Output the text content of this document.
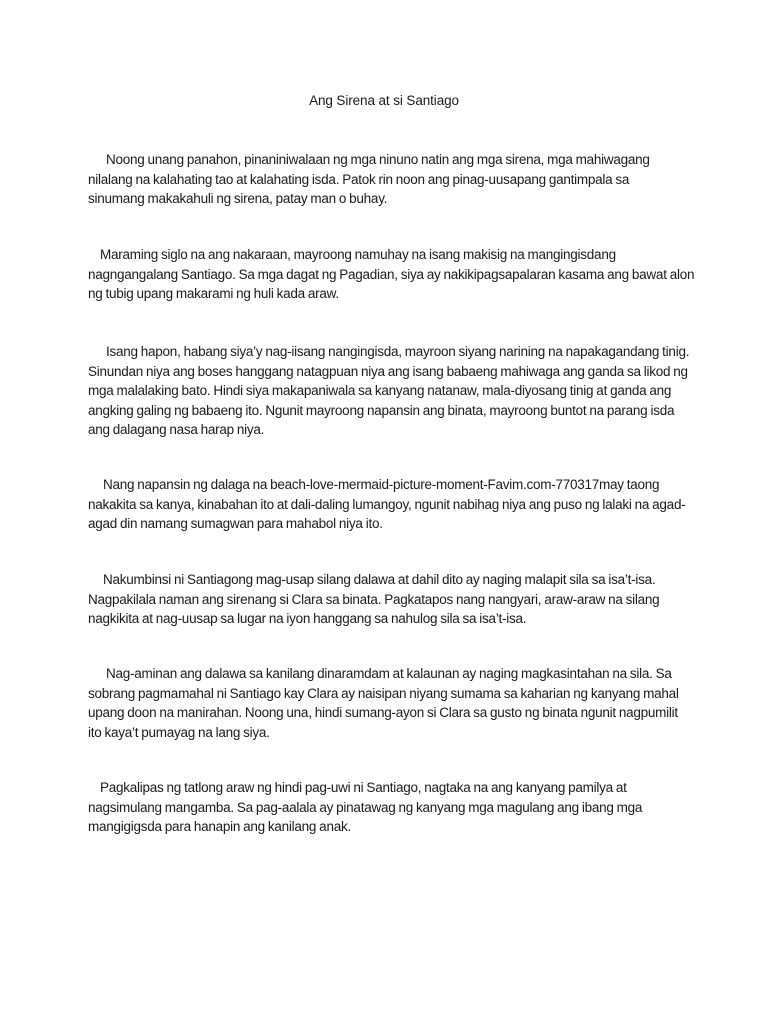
Ang Sirena at si Santiago

Noong unang panahon, pinaniniwalaan ng mga ninuno natin ang mga sirena, mga mahiwagang
nilalang na kalahating tao at kalahating isda. Patok rin noon ang pinag-uusapang gantimpala sa
sinumang makakahuli ng sirena, patay man o buhay.

Maraming siglo na ang nakaraan, mayroong namuhay na isang makisig na mangingisdang
nagngangalang Santiago. Sa mga dagat ng Pagadian, siya ay nakikipagsapalaran kasama ang bawat alon
ng tubig upang makarami ng huli kada araw.

Isang hapon, habang siya’y nag-iisang nangingisda, mayroon siyang narining na napakagandang tinig.
Sinundan niya ang boses hanggang natagpuan niya ang isang babaeng mahiwaga ang ganda sa likod ng
mga malalaking bato. Hindi siya makapaniwala sa kanyang natanaw, mala-diyosang tinig at ganda ang
angking galing ng babaeng ito. Ngunit mayroong napansin ang binata, mayroong buntot na parang isda
ang dalagang nasa harap niya.

Nang napansin ng dalaga na beach-love-mermaid-picture-moment-Favim.com-770317may taong
nakakita sa kanya, kinabahan ito at dali-daling lumangoy, ngunit nabihag niya ang puso ng lalaki na agad-
agad din namang sumagwan para mahabol niya ito.

Nakumbinsi ni Santiagong mag-usap silang dalawa at dahil dito ay naging malapit sila sa isa’t-isa.
Nagpakilala naman ang sirenang si Clara sa binata. Pagkatapos nang nangyari, araw-araw na silang
nagkikita at nag-uusap sa lugar na iyon hanggang sa nahulog sila sa isa’t-isa.

Nag-aminan ang dalawa sa kanilang dinaramdam at kalaunan ay naging magkasintahan na sila. Sa
sobrang pagmamahal ni Santiago kay Clara ay naisipan niyang sumama sa kaharian ng kanyang mahal
upang doon na manirahan. Noong una, hindi sumang-ayon si Clara sa gusto ng binata ngunit nagpumilit
ito kaya’t pumayag na lang siya.

Pagkalipas ng tatlong araw ng hindi pag-uwi ni Santiago, nagtaka na ang kanyang pamilya at
nagsimulang mangamba. Sa pag-aalala ay pinatawag ng kanyang mga magulang ang ibang mga
mangigigsda para hanapin ang kanilang anak.
